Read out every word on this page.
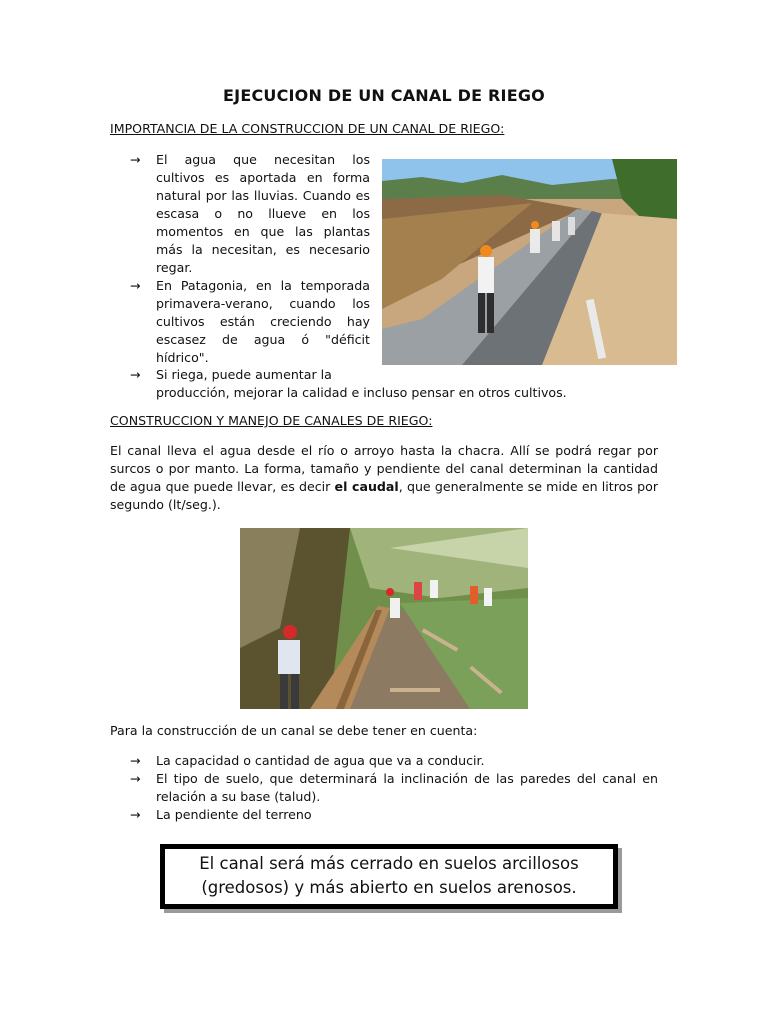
EJECUCION DE UN CANAL DE RIEGO
IMPORTANCIA DE LA CONSTRUCCION DE UN CANAL DE RIEGO:
→ El agua que necesitan los cultivos es aportada en forma natural por las lluvias. Cuando es escasa o no llueve en los momentos en que las plantas más la necesitan, es necesario regar.
→ En Patagonia, en la temporada primavera-verano, cuando los cultivos están creciendo hay escasez de agua ó "déficit hídrico".
→	Si riega, puede aumentar la
producción, mejorar la calidad e incluso pensar en otros cultivos.
CONSTRUCCION Y MANEJO DE CANALES DE RIEGO:
El canal lleva el agua desde el río o arroyo hasta la chacra. Allí se podrá regar por surcos o por manto. La forma, tamaño y pendiente del canal determinan la cantidad de agua que puede llevar, es decir el caudal, que generalmente se mide en litros por segundo (lt/seg.).
Para la construcción de un canal se debe tener en cuenta:
→ La capacidad o cantidad de agua que va a conducir.
→ El tipo de suelo, que determinará la inclinación de las paredes del canal en relación a su base (talud).
→ La pendiente del terreno
El canal será más cerrado en suelos arcillosos
(gredosos) y más abierto en suelos arenosos.
